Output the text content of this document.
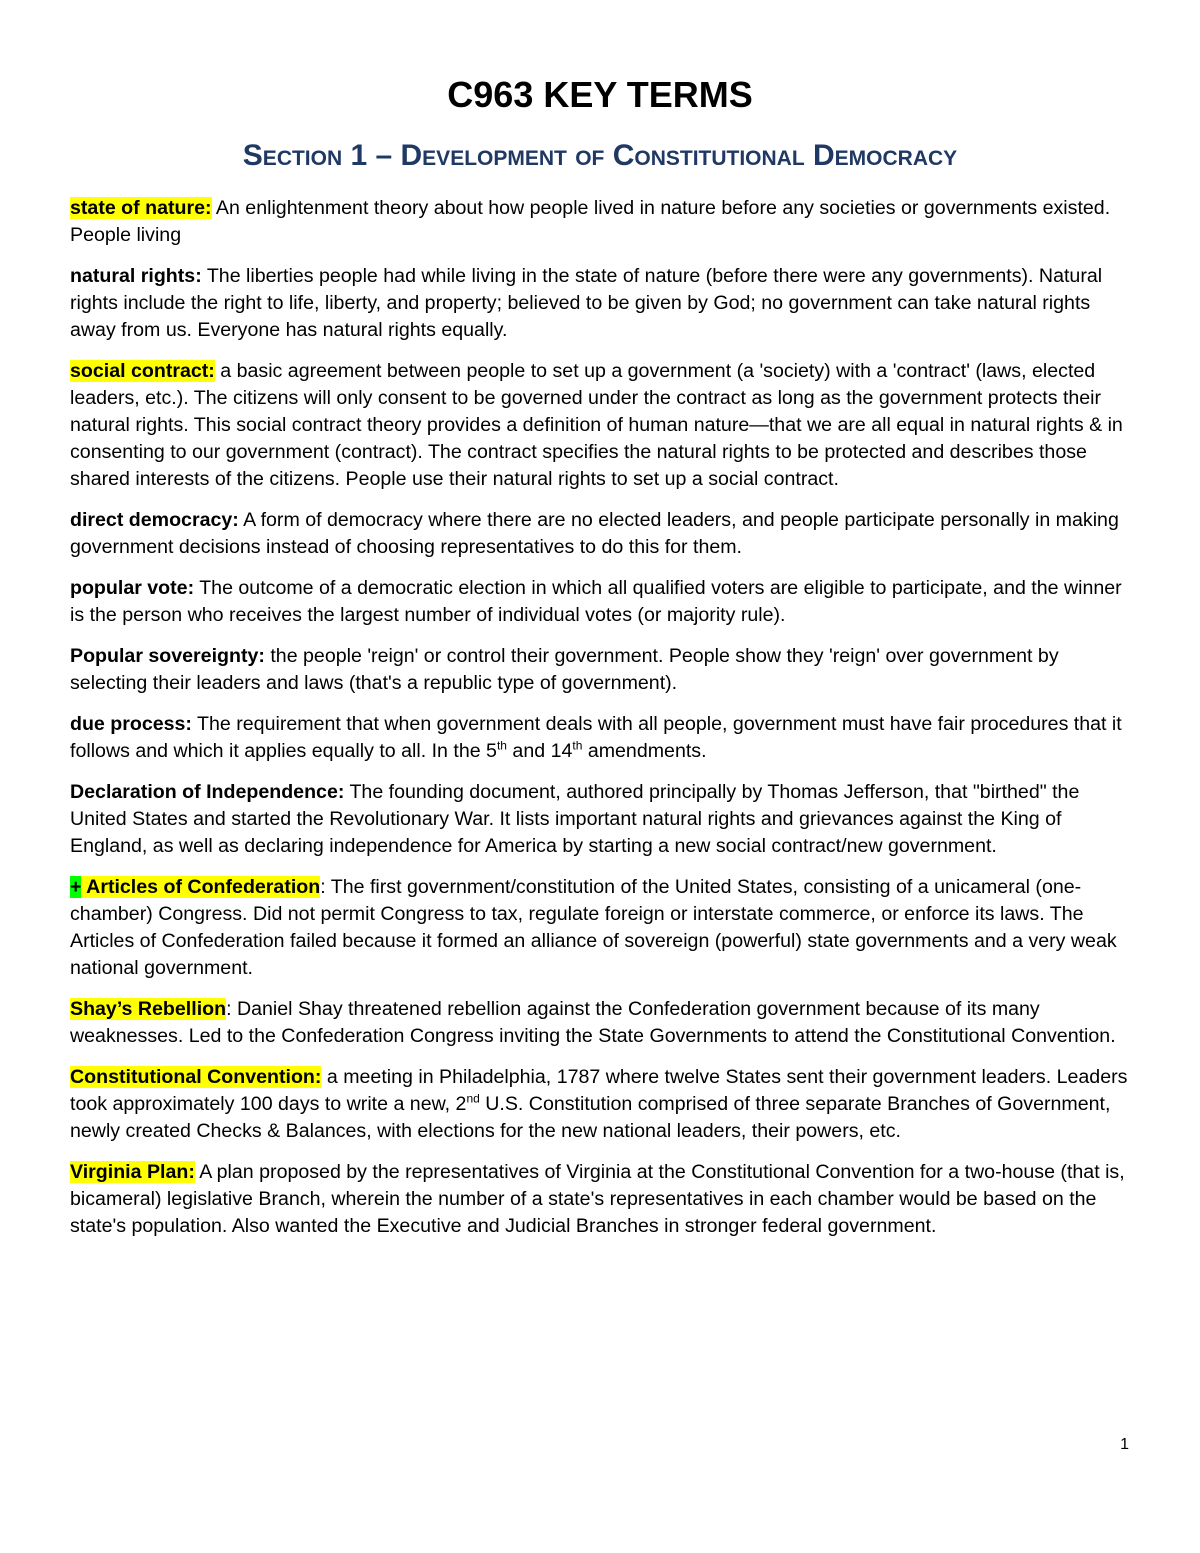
C963 KEY TERMS
Section 1 – Development of Constitutional Democracy

state of nature: An enlightenment theory about how people lived in nature before any societies or governments existed. People living

natural rights: The liberties people had while living in the state of nature (before there were any governments). Natural rights include the right to life, liberty, and property; believed to be given by God; no government can take natural rights away from us. Everyone has natural rights equally.

social contract: a basic agreement between people to set up a government (a 'society) with a 'contract' (laws, elected leaders, etc.). The citizens will only consent to be governed under the contract as long as the government protects their natural rights. This social contract theory provides a definition of human nature—that we are all equal in natural rights & in consenting to our government (contract). The contract specifies the natural rights to be protected and describes those shared interests of the citizens. People use their natural rights to set up a social contract.

direct democracy: A form of democracy where there are no elected leaders, and people participate personally in making government decisions instead of choosing representatives to do this for them.

popular vote: The outcome of a democratic election in which all qualified voters are eligible to participate, and the winner is the person who receives the largest number of individual votes (or majority rule).

Popular sovereignty: the people 'reign' or control their government. People show they 'reign' over government by selecting their leaders and laws (that's a republic type of government).

due process: The requirement that when government deals with all people, government must have fair procedures that it follows and which it applies equally to all. In the 5th and 14th amendments.

Declaration of Independence: The founding document, authored principally by Thomas Jefferson, that "birthed" the United States and started the Revolutionary War. It lists important natural rights and grievances against the King of England, as well as declaring independence for America by starting a new social contract/new government.

+ Articles of Confederation: The first government/constitution of the United States, consisting of a unicameral (one-chamber) Congress. Did not permit Congress to tax, regulate foreign or interstate commerce, or enforce its laws. The Articles of Confederation failed because it formed an alliance of sovereign (powerful) state governments and a very weak national government.

Shay’s Rebellion: Daniel Shay threatened rebellion against the Confederation government because of its many weaknesses. Led to the Confederation Congress inviting the State Governments to attend the Constitutional Convention.

Constitutional Convention: a meeting in Philadelphia, 1787 where twelve States sent their government leaders. Leaders took approximately 100 days to write a new, 2nd U.S. Constitution comprised of three separate Branches of Government, newly created Checks & Balances, with elections for the new national leaders, their powers, etc.

Virginia Plan: A plan proposed by the representatives of Virginia at the Constitutional Convention for a two-house (that is, bicameral) legislative Branch, wherein the number of a state's representatives in each chamber would be based on the state's population. Also wanted the Executive and Judicial Branches in stronger federal government.

1
